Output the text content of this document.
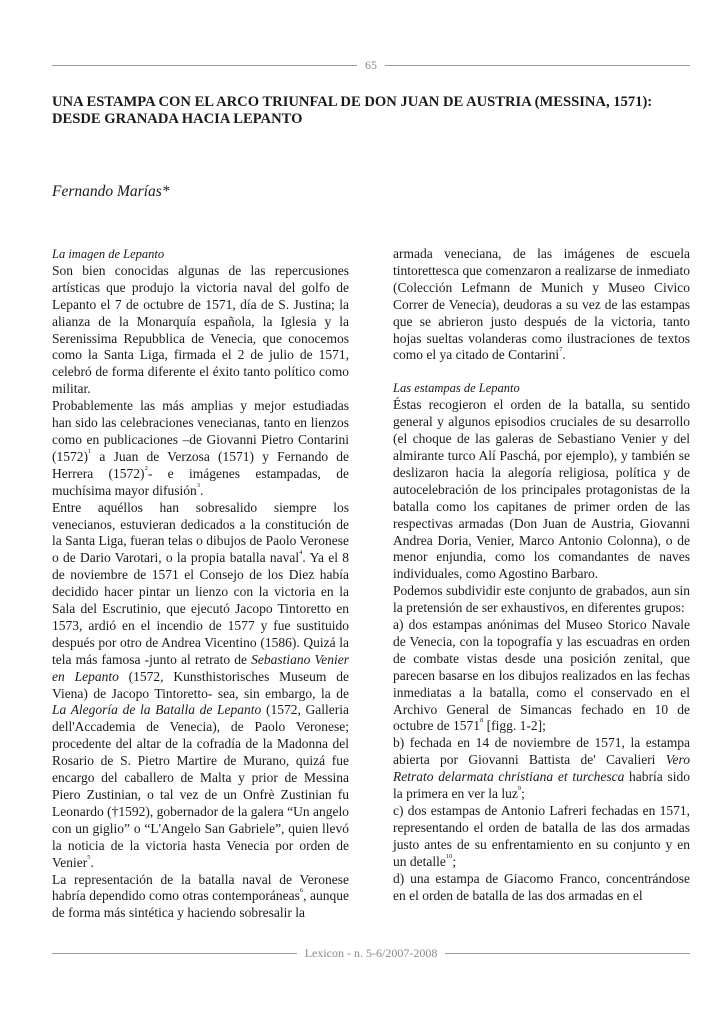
65
UNA ESTAMPA CON EL ARCO TRIUNFAL DE DON JUAN DE AUSTRIA (MESSINA, 1571): DESDE GRANADA HACIA LEPANTO

Fernando Marías*

La imagen de Lepanto

Son bien conocidas algunas de las repercusiones artísticas que produjo la victoria naval del golfo de Lepanto el 7 de octubre de 1571, día de S. Justina; la alianza de la Monarquía española, la Iglesia y la Serenissima Repubblica de Venecia, que conocemos como la Santa Liga, firmada el 2 de julio de 1571, celebró de forma diferente el éxito tanto político como militar.

Probablemente las más amplias y mejor estudiadas han sido las celebraciones venecianas, tanto en lienzos como en publicaciones –de Giovanni Pietro Contarini $(1572)^1$ a Juan de Verzosa (1571) y Fernando de Herrera $(1572)^2-$ e imágenes estampadas, de muchísima mayor difusión$^3$.

Entre aquéllos han sobresalido siempre los venecianos, estuvieran dedicados a la constitución de la Santa Liga, fueran telas o dibujos de Paolo Veronese o de Dario Varotari, o la propia batalla naval$^4$. Ya el 8 de noviembre de 1571 el Consejo de los Diez había decidido hacer pintar un lienzo con la victoria en la Sala del Escrutinio, que ejecutó Jacopo Tintoretto en 1573, ardió en el incendio de 1577 y fue sustituido después por otro de Andrea Vicentino (1586). Quizá la tela más famosa -junto al retrato de Sebastiano Venier en Lepanto (1572, Kunsthistorisches Museum de Viena) de Jacopo Tintoretto- sea, sin embargo, la de La Alegoría de la Batalla de Lepanto (1572, Galleria dell'Accademia de Venecia), de Paolo Veronese; procedente del altar de la cofradía de la Madonna del Rosario de S. Pietro Martire de Murano, quizá fue encargo del caballero de Malta y prior de Messina Piero Zustinian, o tal vez de un Onfrè Zustinian fu Leonardo (†1592), gobernador de la galera “Un angelo con un giglio” o “L'Angelo San Gabriele”, quien llevó la noticia de la victoria hasta Venecia por orden de Venier$^5$.

La representación de la batalla naval de Veronese habría dependido como otras contemporáneas$^6$, aunque de forma más sintética y haciendo sobresalir la

armada veneciana, de las imágenes de escuela tintorettesca que comenzaron a realizarse de inmediato (Colección Lefmann de Munich y Museo Civico Correr de Venecia), deudoras a su vez de las estampas que se abrieron justo después de la victoria, tanto hojas sueltas volanderas como ilustraciones de textos como el ya citado de Contarini$^7$.

Las estampas de Lepanto

Éstas recogieron el orden de la batalla, su sentido general y algunos episodios cruciales de su desarrollo (el choque de las galeras de Sebastiano Venier y del almirante turco Alí Paschá, por ejemplo), y también se deslizaron hacia la alegoría religiosa, política y de autocelebración de los principales protagonistas de la batalla como los capitanes de primer orden de las respectivas armadas (Don Juan de Austria, Giovanni Andrea Doria, Venier, Marco Antonio Colonna), o de menor enjundia, como los comandantes de naves individuales, como Agostino Barbaro.

Podemos subdividir este conjunto de grabados, aun sin la pretensión de ser exhaustivos, en diferentes grupos:

a) dos estampas anónimas del Museo Storico Navale de Venecia, con la topografía y las escuadras en orden de combate vistas desde una posición zenital, que parecen basarse en los dibujos realizados en las fechas inmediatas a la batalla, como el conservado en el Archivo General de Simancas fechado en 10 de octubre de 1571$^8$ [figg. 1-2];

b) fechada en 14 de noviembre de 1571, la estampa abierta por Giovanni Battista de' Cavalieri Vero Retrato delarmata christiana et turchesca habría sido la primera en ver la luz$^9$;

c) dos estampas de Antonio Lafreri fechadas en 1571, representando el orden de batalla de las dos armadas justo antes de su enfrentamiento en su conjunto y en un detalle$^{10}$;

d) una estampa de Giacomo Franco, concentrándose en el orden de batalla de las dos armadas en el

Lexicon - n. 5-6/2007-2008
